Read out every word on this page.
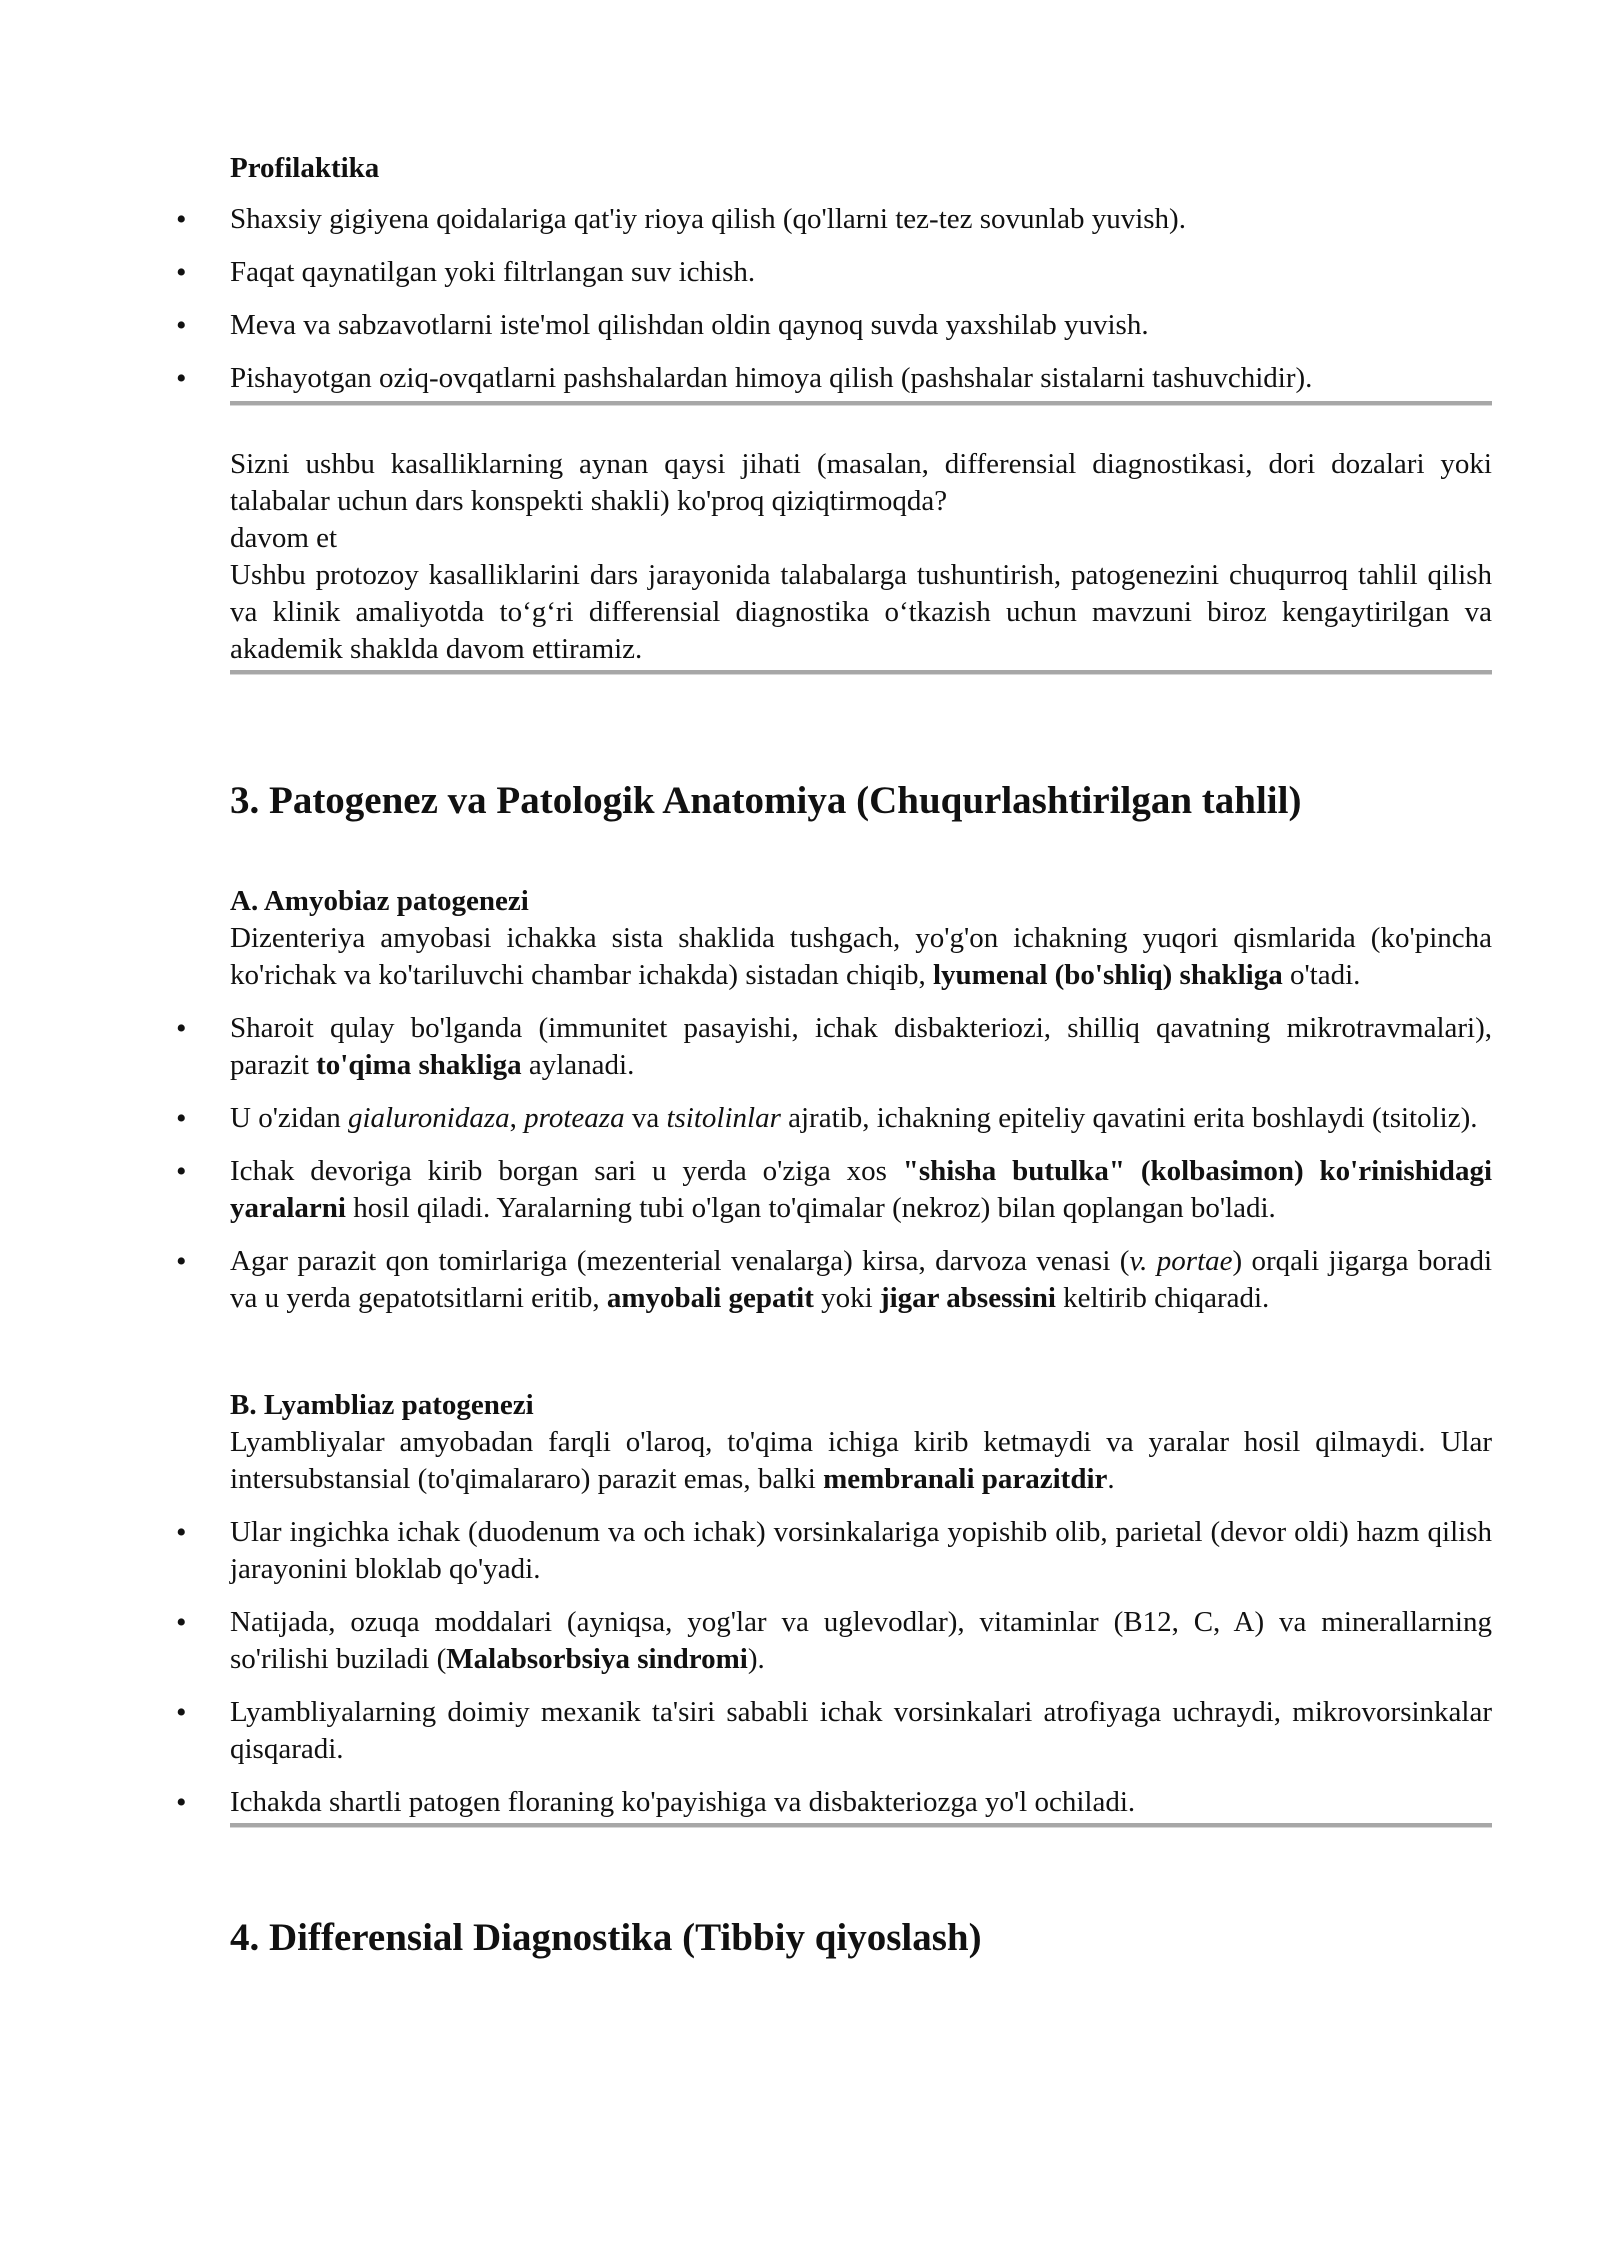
Profilaktika
• Shaxsiy gigiyena qoidalariga qat'iy rioya qilish (qo'llarni tez-tez sovunlab yuvish).
• Faqat qaynatilgan yoki filtrlangan suv ichish.
• Meva va sabzavotlarni iste'mol qilishdan oldin qaynoq suvda yaxshilab yuvish.
• Pishayotgan oziq-ovqatlarni pashshalardan himoya qilish (pashshalar sistalarni tashuvchidir).

Sizni ushbu kasalliklarning aynan qaysi jihati (masalan, differensial diagnostikasi, dori dozalari yoki talabalar uchun dars konspekti shakli) ko'proq qiziqtirmoqda?

davom et

Ushbu protozoy kasalliklarini dars jarayonida talabalarga tushuntirish, patogenezini chuqurroq tahlil qilish va klinik amaliyotda to‘g‘ri differensial diagnostika o‘tkazish uchun mavzuni biroz kengaytirilgan va akademik shaklda davom ettiramiz.

3. Patogenez va Patologik Anatomiya (Chuqurlashtirilgan tahlil)
A. Amyobiaz patogenezi

Dizenteriya amyobasi ichakka sista shaklida tushgach, yo'g'on ichakning yuqori qismlarida (ko'pincha ko'richak va ko'tariluvchi chambar ichakda) sistadan chiqib, lyumenal (bo'shliq) shakliga o'tadi.

• Sharoit qulay bo'lganda (immunitet pasayishi, ichak disbakteriozi, shilliq qavatning mikrotravmalari), parazit to'qima shakliga aylanadi.
• U o'zidan gialuronidaza, proteaza va tsitolinlar ajratib, ichakning epiteliy qavatini erita boshlaydi (tsitoliz).
• Ichak devoriga kirib borgan sari u yerda o'ziga xos "shisha butulka" (kolbasimon) ko'rinishidagi yaralarni hosil qiladi. Yaralarning tubi o'lgan to'qimalar (nekroz) bilan qoplangan bo'ladi.
• Agar parazit qon tomirlariga (mezenterial venalarga) kirsa, darvoza venasi (v. portae) orqali jigarga boradi va u yerda gepatotsitlarni eritib, amyobali gepatit yoki jigar absessini keltirib chiqaradi.
B. Lyambliaz patogenezi

Lyambliyalar amyobadan farqli o'laroq, to'qima ichiga kirib ketmaydi va yaralar hosil qilmaydi. Ular intersubstansial (to'qimalararo) parazit emas, balki membranali parazitdir.

• Ular ingichka ichak (duodenum va och ichak) vorsinkalariga yopishib olib, parietal (devor oldi) hazm qilish jarayonini bloklab qo'yadi.
• Natijada, ozuqa moddalari (ayniqsa, yog'lar va uglevodlar), vitaminlar (B12, C, A) va minerallarning so'rilishi buziladi (Malabsorbsiya sindromi).
• Lyambliyalarning doimiy mexanik ta'siri sababli ichak vorsinkalari atrofiyaga uchraydi, mikrovorsinkalar qisqaradi.
• Ichakda shartli patogen floraning ko'payishiga va disbakteriozga yo'l ochiladi.
4. Differensial Diagnostika (Tibbiy qiyoslash)
